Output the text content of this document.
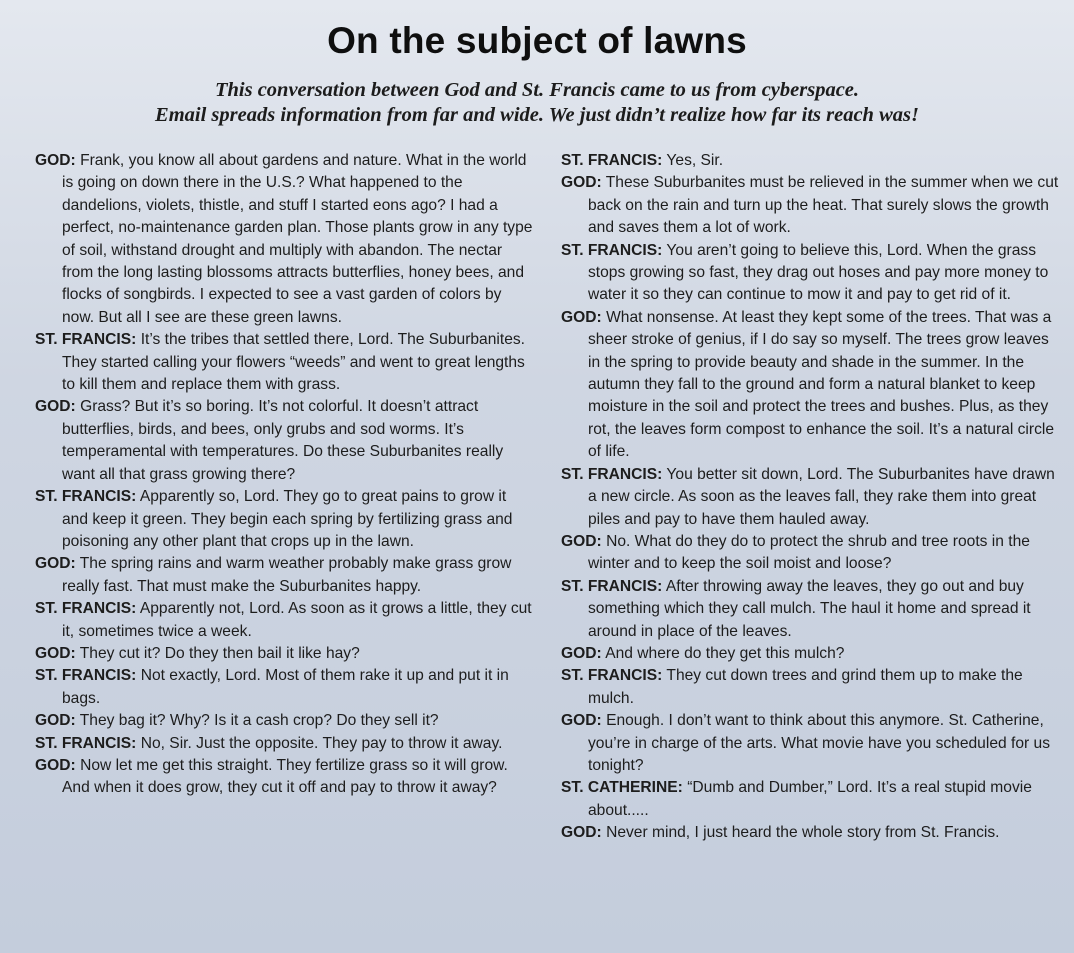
On the subject of lawns
This conversation between God and St. Francis came to us from cyberspace.
Email spreads information from far and wide. We just didn’t realize how far its reach was!

GOD: Frank, you know all about gardens and nature. What in the world is going on down there in the U.S.? What happened to the dandelions, violets, thistle, and stuff I started eons ago? I had a perfect, no-maintenance garden plan. Those plants grow in any type of soil, withstand drought and multiply with abandon. The nectar from the long lasting blossoms attracts butterflies, honey bees, and flocks of songbirds. I expected to see a vast garden of colors by now. But all I see are these green lawns.

ST. FRANCIS: It’s the tribes that settled there, Lord. The Suburbanites. They started calling your flowers “weeds” and went to great lengths to kill them and replace them with grass.

GOD: Grass? But it’s so boring. It’s not colorful. It doesn’t attract butterflies, birds, and bees, only grubs and sod worms. It’s temperamental with temperatures. Do these Suburbanites really want all that grass growing there?

ST. FRANCIS: Apparently so, Lord. They go to great pains to grow it and keep it green. They begin each spring by fertilizing grass and poisoning any other plant that crops up in the lawn.

GOD: The spring rains and warm weather probably make grass grow really fast. That must make the Suburbanites happy.

ST. FRANCIS: Apparently not, Lord. As soon as it grows a little, they cut it, sometimes twice a week.

GOD: They cut it? Do they then bail it like hay?

ST. FRANCIS: Not exactly, Lord. Most of them rake it up and put it in bags.

GOD: They bag it? Why? Is it a cash crop? Do they sell it?

ST. FRANCIS: No, Sir. Just the opposite. They pay to throw it away.

GOD: Now let me get this straight. They fertilize grass so it will grow. And when it does grow, they cut it off and pay to throw it away?

ST. FRANCIS: Yes, Sir.

GOD: These Suburbanites must be relieved in the summer when we cut back on the rain and turn up the heat. That surely slows the growth and saves them a lot of work.

ST. FRANCIS: You aren’t going to believe this, Lord. When the grass stops growing so fast, they drag out hoses and pay more money to water it so they can continue to mow it and pay to get rid of it.

GOD: What nonsense. At least they kept some of the trees. That was a sheer stroke of genius, if I do say so myself. The trees grow leaves in the spring to provide beauty and shade in the summer. In the autumn they fall to the ground and form a natural blanket to keep moisture in the soil and protect the trees and bushes. Plus, as they rot, the leaves form compost to enhance the soil. It’s a natural circle of life.

ST. FRANCIS: You better sit down, Lord. The Suburbanites have drawn a new circle. As soon as the leaves fall, they rake them into great piles and pay to have them hauled away.

GOD: No. What do they do to protect the shrub and tree roots in the winter and to keep the soil moist and loose?

ST. FRANCIS: After throwing away the leaves, they go out and buy something which they call mulch. The haul it home and spread it around in place of the leaves.

GOD: And where do they get this mulch?

ST. FRANCIS: They cut down trees and grind them up to make the mulch.

GOD: Enough. I don’t want to think about this anymore. St. Catherine, you’re in charge of the arts. What movie have you scheduled for us tonight?

ST. CATHERINE: “Dumb and Dumber,” Lord. It’s a real stupid movie about.....

GOD: Never mind, I just heard the whole story from St. Francis.
